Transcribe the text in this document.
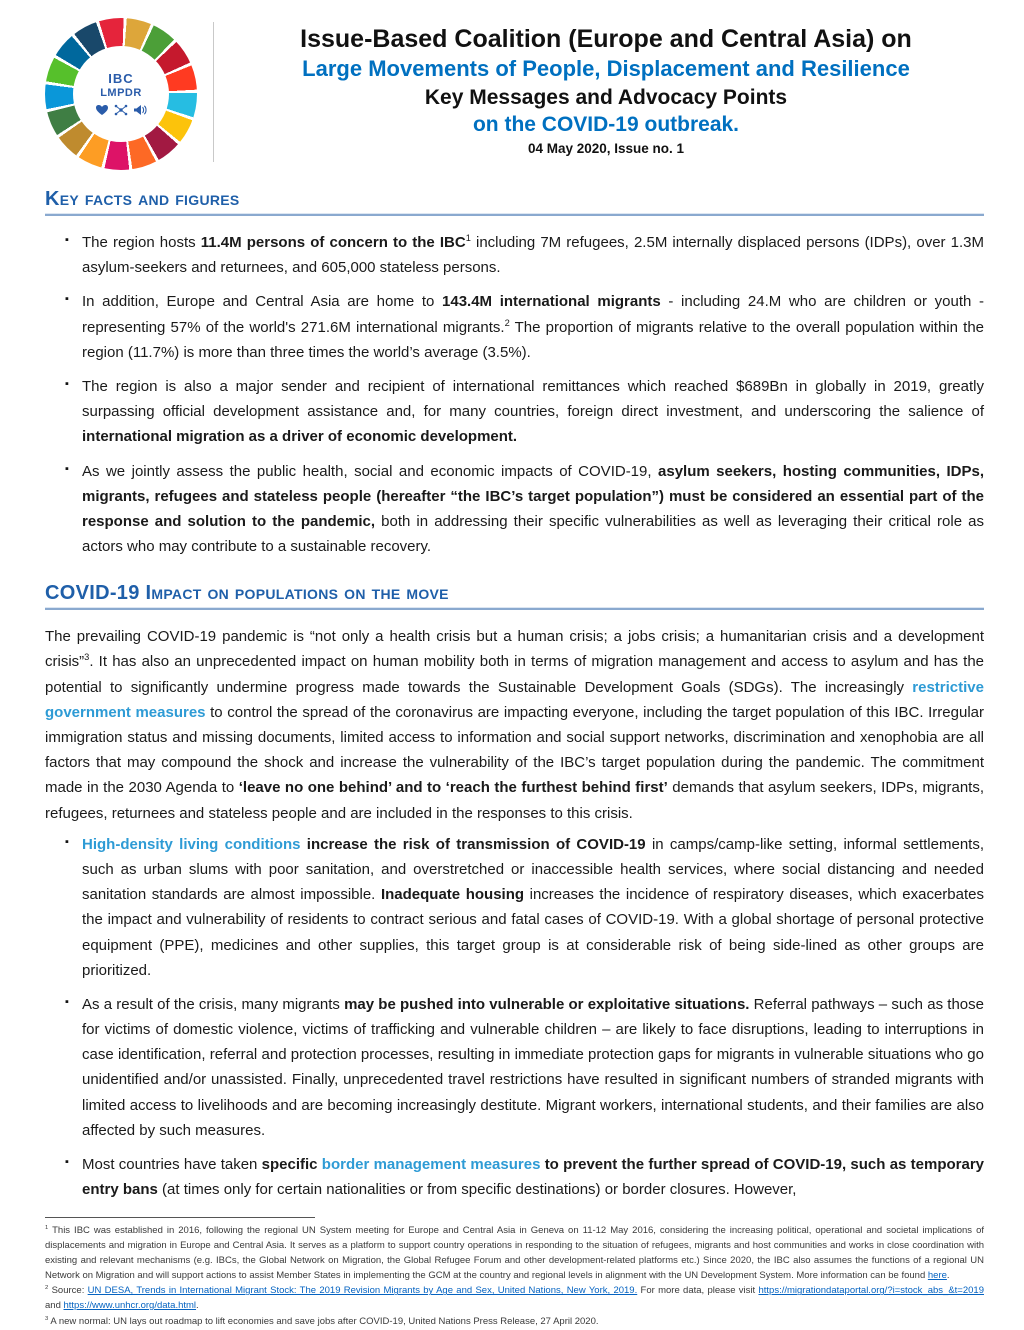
IBC
LMPDR
Issue-Based Coalition (Europe and Central Asia) on
Large Movements of People, Displacement and Resilience
Key Messages and Advocacy Points
on the COVID-19 outbreak.
04 May 2020, Issue no. 1
Key facts and figures
▪ The region hosts 11.4M persons of concern to the IBC$^1$ including 7M refugees, 2.5M internally displaced persons (IDPs), over 1.3M asylum-seekers and returnees, and 605,000 stateless persons.
▪ In addition, Europe and Central Asia are home to 143.4M international migrants - including 24.M who are children or youth - representing 57% of the world's 271.6M international migrants.$^2$ The proportion of migrants relative to the overall population within the region (11.7%) is more than three times the world’s average (3.5%).
▪ The region is also a major sender and recipient of international remittances which reached $689Bn in globally in 2019, greatly surpassing official development assistance and, for many countries, foreign direct investment, and underscoring the salience of international migration as a driver of economic development.
▪ As we jointly assess the public health, social and economic impacts of COVID-19, asylum seekers, hosting communities, IDPs, migrants, refugees and stateless people (hereafter “the IBC’s target population”) must be considered an essential part of the response and solution to the pandemic, both in addressing their specific vulnerabilities as well as leveraging their critical role as actors who may contribute to a sustainable recovery.
COVID-19 Impact on populations on the move

The prevailing COVID-19 pandemic is “not only a health crisis but a human crisis; a jobs crisis; a humanitarian crisis and a development crisis”$^3$. It has also an unprecedented impact on human mobility both in terms of migration management and access to asylum and has the potential to significantly undermine progress made towards the Sustainable Development Goals (SDGs). The increasingly restrictive government measures to control the spread of the coronavirus are impacting everyone, including the target population of this IBC. Irregular immigration status and missing documents, limited access to information and social support networks, discrimination and xenophobia are all factors that may compound the shock and increase the vulnerability of the IBC’s target population during the pandemic. The commitment made in the 2030 Agenda to ‘leave no one behind’ and to ‘reach the furthest behind first’ demands that asylum seekers, IDPs, migrants, refugees, returnees and stateless people and are included in the responses to this crisis.

▪ High-density living conditions increase the risk of transmission of COVID-19 in camps/camp-like setting, informal settlements, such as urban slums with poor sanitation, and overstretched or inaccessible health services, where social distancing and needed sanitation standards are almost impossible. Inadequate housing increases the incidence of respiratory diseases, which exacerbates the impact and vulnerability of residents to contract serious and fatal cases of COVID-19. With a global shortage of personal protective equipment (PPE), medicines and other supplies, this target group is at considerable risk of being side-lined as other groups are prioritized.
▪ As a result of the crisis, many migrants may be pushed into vulnerable or exploitative situations. Referral pathways – such as those for victims of domestic violence, victims of trafficking and vulnerable children – are likely to face disruptions, leading to interruptions in case identification, referral and protection processes, resulting in immediate protection gaps for migrants in vulnerable situations who go unidentified and/or unassisted. Finally, unprecedented travel restrictions have resulted in significant numbers of stranded migrants with limited access to livelihoods and are becoming increasingly destitute. Migrant workers, international students, and their families are also affected by such measures.
▪ Most countries have taken specific border management measures to prevent the further spread of COVID-19, such as temporary entry bans (at times only for certain nationalities or from specific destinations) or border closures. However,

$^1$ This IBC was established in 2016, following the regional UN System meeting for Europe and Central Asia in Geneva on 11-12 May 2016, considering the increasing political, operational and societal implications of displacements and migration in Europe and Central Asia. It serves as a platform to support country operations in responding to the situation of refugees, migrants and host communities and works in close coordination with existing and relevant mechanisms (e.g. IBCs, the Global Network on Migration, the Global Refugee Forum and other development-related platforms etc.) Since 2020, the IBC also assumes the functions of a regional UN Network on Migration and will support actions to assist Member States in implementing the GCM at the country and regional levels in alignment with the UN Development System. More information can be found here.

$^2$ Source: UN DESA, Trends in International Migrant Stock: The 2019 Revision Migrants by Age and Sex, United Nations, New York, 2019. For more data, please visit https://migrationdataportal.org/?i=stock_abs_&t=2019 and https://www.unhcr.org/data.html.

$^3$ A new normal: UN lays out roadmap to lift economies and save jobs after COVID-19, United Nations Press Release, 27 April 2020.
